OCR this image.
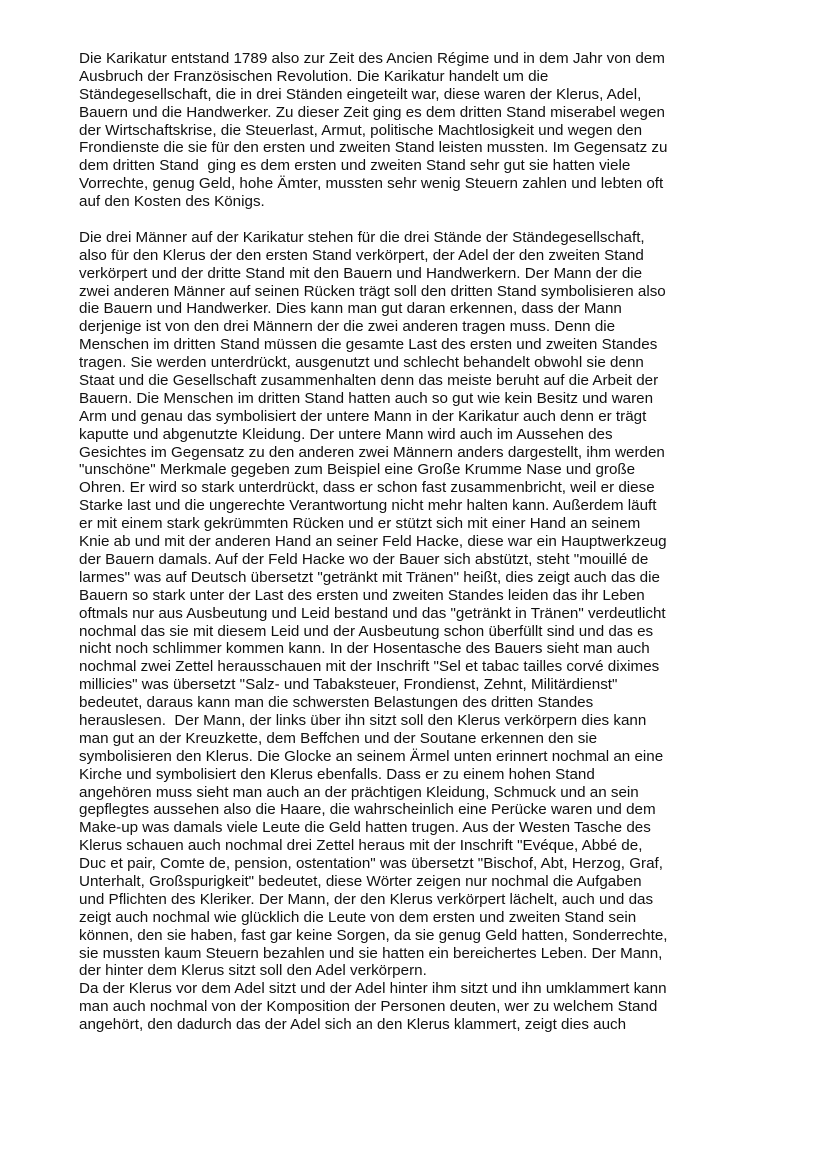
Die Karikatur entstand 1789 also zur Zeit des Ancien Régime und in dem Jahr von dem
Ausbruch der Französischen Revolution. Die Karikatur handelt um die
Ständegesellschaft, die in drei Ständen eingeteilt war, diese waren der Klerus, Adel,
Bauern und die Handwerker. Zu dieser Zeit ging es dem dritten Stand miserabel wegen
der Wirtschaftskrise, die Steuerlast, Armut, politische Machtlosigkeit und wegen den
Frondienste die sie für den ersten und zweiten Stand leisten mussten. Im Gegensatz zu
dem dritten Stand  ging es dem ersten und zweiten Stand sehr gut sie hatten viele
Vorrechte, genug Geld, hohe Ämter, mussten sehr wenig Steuern zahlen und lebten oft
auf den Kosten des Königs.
Die drei Männer auf der Karikatur stehen für die drei Stände der Ständegesellschaft,
also für den Klerus der den ersten Stand verkörpert, der Adel der den zweiten Stand
verkörpert und der dritte Stand mit den Bauern und Handwerkern. Der Mann der die
zwei anderen Männer auf seinen Rücken trägt soll den dritten Stand symbolisieren also
die Bauern und Handwerker. Dies kann man gut daran erkennen, dass der Mann
derjenige ist von den drei Männern der die zwei anderen tragen muss. Denn die
Menschen im dritten Stand müssen die gesamte Last des ersten und zweiten Standes
tragen. Sie werden unterdrückt, ausgenutzt und schlecht behandelt obwohl sie denn
Staat und die Gesellschaft zusammenhalten denn das meiste beruht auf die Arbeit der
Bauern. Die Menschen im dritten Stand hatten auch so gut wie kein Besitz und waren
Arm und genau das symbolisiert der untere Mann in der Karikatur auch denn er trägt
kaputte und abgenutzte Kleidung. Der untere Mann wird auch im Aussehen des
Gesichtes im Gegensatz zu den anderen zwei Männern anders dargestellt, ihm werden
"unschöne" Merkmale gegeben zum Beispiel eine Große Krumme Nase und große
Ohren. Er wird so stark unterdrückt, dass er schon fast zusammenbricht, weil er diese
Starke last und die ungerechte Verantwortung nicht mehr halten kann. Außerdem läuft
er mit einem stark gekrümmten Rücken und er stützt sich mit einer Hand an seinem
Knie ab und mit der anderen Hand an seiner Feld Hacke, diese war ein Hauptwerkzeug
der Bauern damals. Auf der Feld Hacke wo der Bauer sich abstützt, steht "mouillé de
larmes" was auf Deutsch übersetzt "getränkt mit Tränen" heißt, dies zeigt auch das die
Bauern so stark unter der Last des ersten und zweiten Standes leiden das ihr Leben
oftmals nur aus Ausbeutung und Leid bestand und das "getränkt in Tränen" verdeutlicht
nochmal das sie mit diesem Leid und der Ausbeutung schon überfüllt sind und das es
nicht noch schlimmer kommen kann. In der Hosentasche des Bauers sieht man auch
nochmal zwei Zettel herausschauen mit der Inschrift "Sel et tabac tailles corvé diximes
millicies" was übersetzt "Salz- und Tabaksteuer, Frondienst, Zehnt, Militärdienst"
bedeutet, daraus kann man die schwersten Belastungen des dritten Standes
herauslesen.  Der Mann, der links über ihn sitzt soll den Klerus verkörpern dies kann
man gut an der Kreuzkette, dem Beffchen und der Soutane erkennen den sie
symbolisieren den Klerus. Die Glocke an seinem Ärmel unten erinnert nochmal an eine
Kirche und symbolisiert den Klerus ebenfalls. Dass er zu einem hohen Stand
angehören muss sieht man auch an der prächtigen Kleidung, Schmuck und an sein
gepflegtes aussehen also die Haare, die wahrscheinlich eine Perücke waren und dem
Make-up was damals viele Leute die Geld hatten trugen. Aus der Westen Tasche des
Klerus schauen auch nochmal drei Zettel heraus mit der Inschrift "Evéque, Abbé de,
Duc et pair, Comte de, pension, ostentation" was übersetzt "Bischof, Abt, Herzog, Graf,
Unterhalt, Großspurigkeit" bedeutet, diese Wörter zeigen nur nochmal die Aufgaben
und Pflichten des Kleriker. Der Mann, der den Klerus verkörpert lächelt, auch und das
zeigt auch nochmal wie glücklich die Leute von dem ersten und zweiten Stand sein
können, den sie haben, fast gar keine Sorgen, da sie genug Geld hatten, Sonderrechte,
sie mussten kaum Steuern bezahlen und sie hatten ein bereichertes Leben. Der Mann,
der hinter dem Klerus sitzt soll den Adel verkörpern.
Da der Klerus vor dem Adel sitzt und der Adel hinter ihm sitzt und ihn umklammert kann
man auch nochmal von der Komposition der Personen deuten, wer zu welchem Stand
angehört, den dadurch das der Adel sich an den Klerus klammert, zeigt dies auch
